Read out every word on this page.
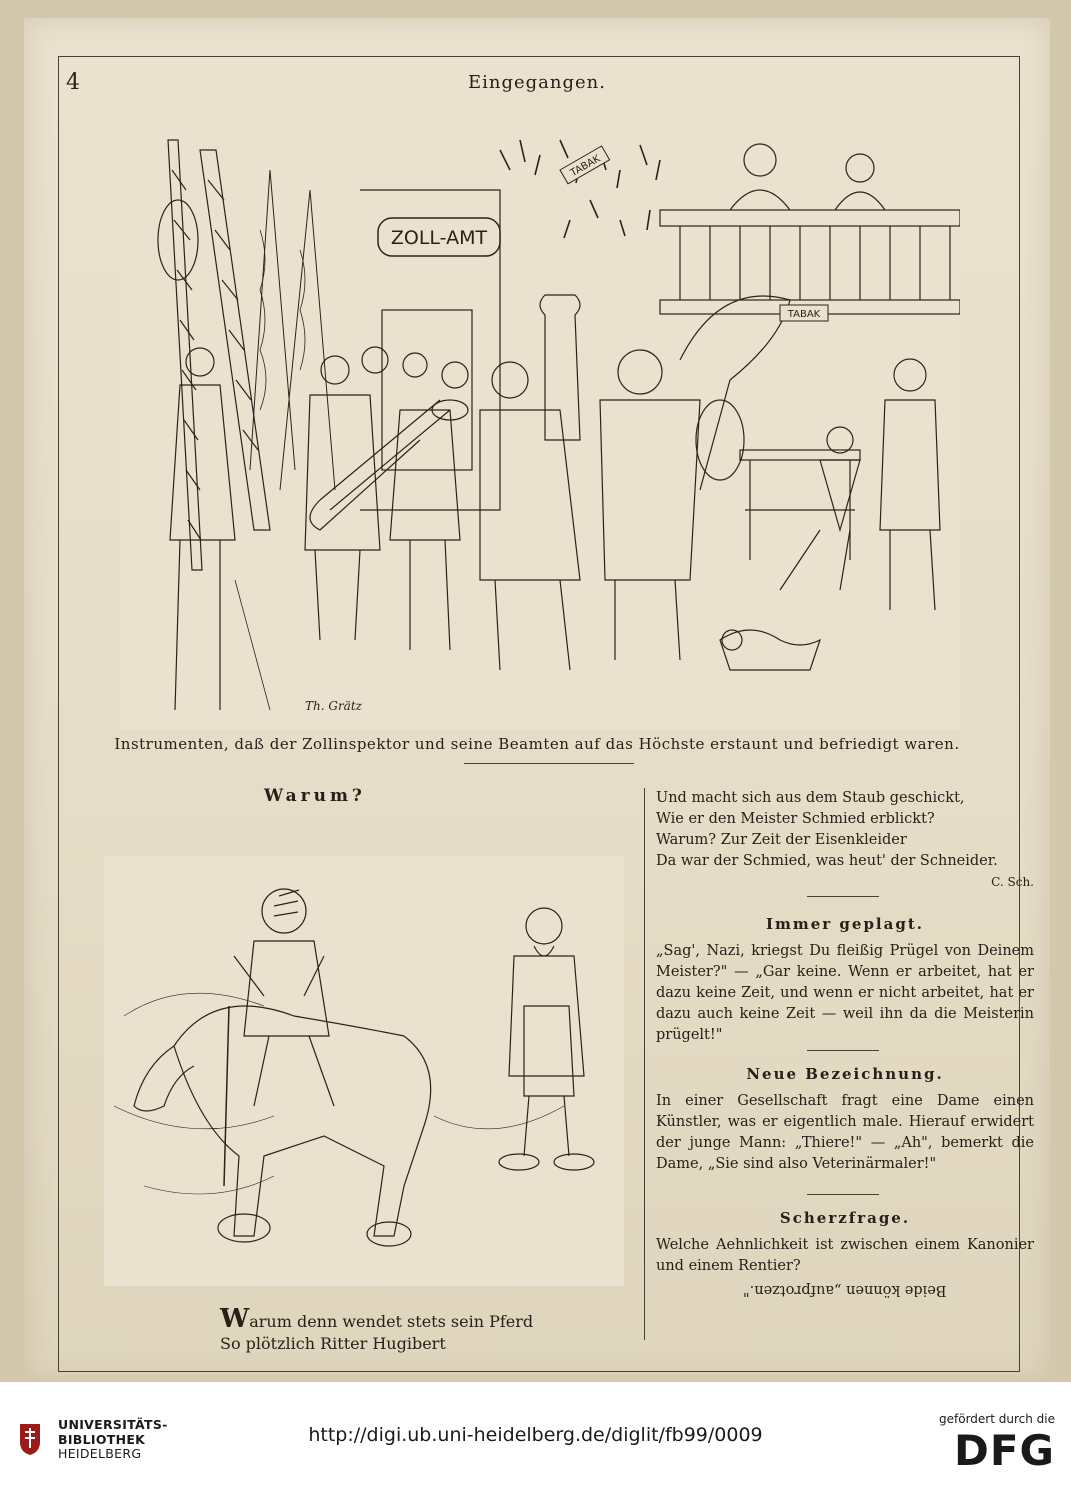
4	Eingegangen.
ZOLL-AMT
TABAK
TABAK
Th. Grätz
Instrumenten, daß der Zollinspektor und seine Beamten auf das Höchste erstaunt und befriedigt waren.
Warum?
Warum denn wendet stets sein Pferd
So plötzlich Ritter Hugibert
Und macht sich aus dem Staub geschickt,
Wie er den Meister Schmied erblickt?
Warum? Zur Zeit der Eisenkleider
Da war der Schmied, was heut' der Schneider.
C. Sch.
Immer geplagt.
„Sag', Nazi, kriegst Du fleißig Prügel von Deinem Meister?" — „Gar keine. Wenn er arbeitet, hat er dazu keine Zeit, und wenn er nicht arbeitet, hat er dazu auch keine Zeit — weil ihn da die Meisterin prügelt!"
Neue Bezeichnung.
In einer Gesellschaft fragt eine Dame einen Künstler, was er eigentlich male. Hierauf erwidert der junge Mann: „Thiere!" — „Ah", bemerkt die Dame, „Sie sind also Veterinärmaler!"
Scherzfrage.
Welche Aehnlichkeit ist zwischen einem Kanonier und einem Rentier?
Beide können „aufprotzen."
UNIVERSITÄTS-
BIBLIOTHEK
HEIDELBERG
http://digi.ub.uni-heidelberg.de/diglit/fb99/0009
gefördert durch die
DFG
